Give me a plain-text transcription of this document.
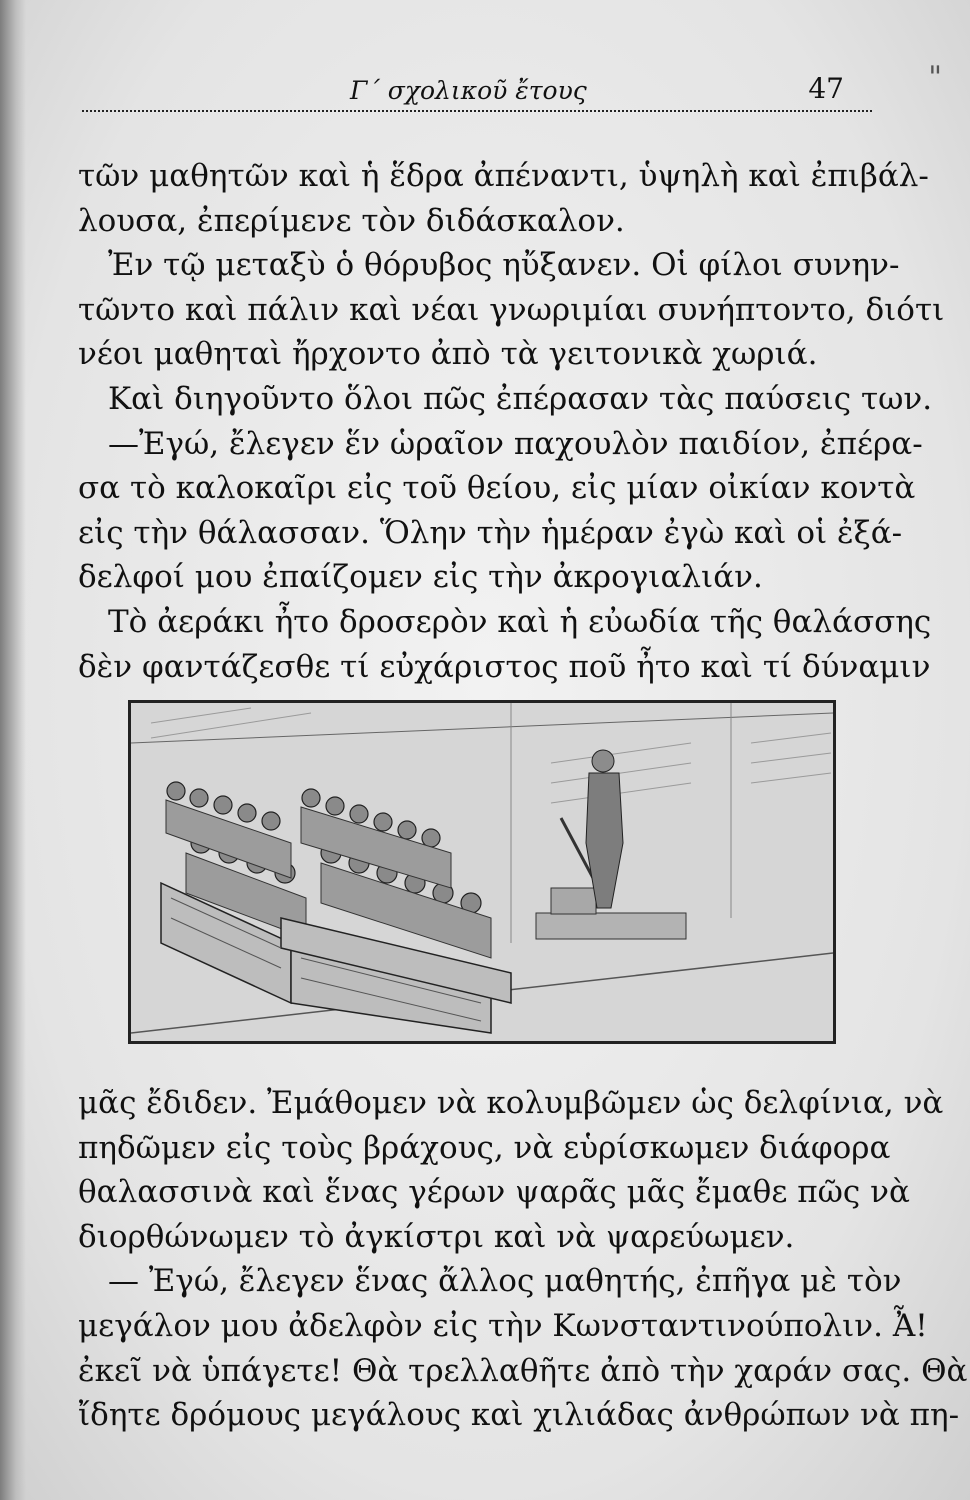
Γ΄ σχολικοῦ ἔτους	47	"
τῶν μαθητῶν καὶ ἡ ἕδρα ἀπέναντι, ὑψηλὴ καὶ ἐπιβάλ-
λουσα, ἐπερίμενε τὸν διδάσκαλον.
Ἐν τῷ μεταξὺ ὁ θόρυβος ηὔξανεν. Οἱ φίλοι συνην-
τῶντο καὶ πάλιν καὶ νέαι γνωριμίαι συνήπτοντο, διότι
νέοι μαθηταὶ ἤρχοντο ἀπὸ τὰ γειτονικὰ χωριά.
Καὶ διηγοῦντο ὅλοι πῶς ἐπέρασαν τὰς παύσεις των.
—Ἐγώ, ἔλεγεν ἕν ὡραῖον παχουλὸν παιδίον, ἐπέρα-
σα τὸ καλοκαῖρι εἰς τοῦ θείου, εἰς μίαν οἰκίαν κοντὰ
εἰς τὴν θάλασσαν. Ὅλην τὴν ἡμέραν ἐγὼ καὶ οἱ ἐξά-
δελφοί μου ἐπαίζομεν εἰς τὴν ἀκρογιαλιάν.
Τὸ ἀεράκι ἦτο δροσερὸν καὶ ἡ εὐωδία τῆς θαλάσσης
δὲν φαντάζεσθε τί εὐχάριστος ποῦ ἦτο καὶ τί δύναμιν
μᾶς ἔδιδεν. Ἐμάθομεν νὰ κολυμβῶμεν ὡς δελφίνια, νὰ
πηδῶμεν εἰς τοὺς βράχους, νὰ εὑρίσκωμεν διάφορα
θαλασσινὰ καὶ ἕνας γέρων ψαρᾶς μᾶς ἔμαθε πῶς νὰ
διορθώνωμεν τὸ ἀγκίστρι καὶ νὰ ψαρεύωμεν.
— Ἐγώ, ἔλεγεν ἕνας ἄλλος μαθητής, ἐπῆγα μὲ τὸν
μεγάλον μου ἀδελφὸν εἰς τὴν Κωνσταντινούπολιν. Ἆ!
ἐκεῖ νὰ ὑπάγετε! Θὰ τρελλαθῆτε ἀπὸ τὴν χαράν σας. Θὰ
ἴδητε δρόμους μεγάλους καὶ χιλιάδας ἀνθρώπων νὰ πη-
